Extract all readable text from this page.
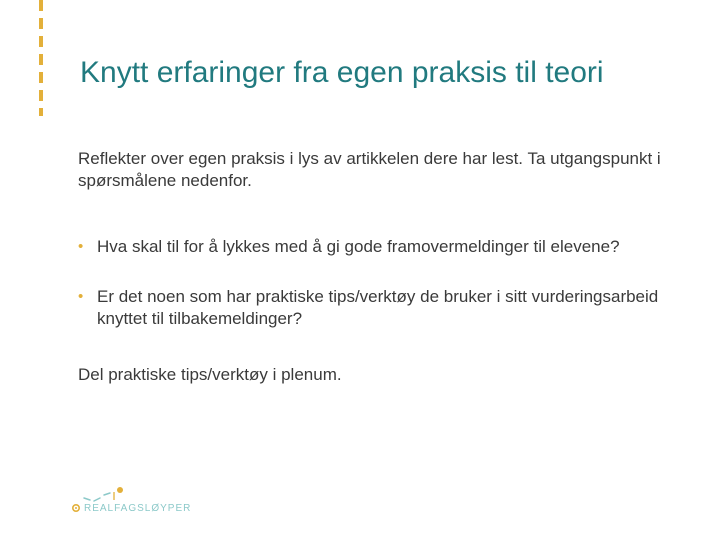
Knytt erfaringer fra egen praksis til teori

Reflekter over egen praksis i lys av artikkelen dere har lest. Ta utgangspunkt i spørsmålene nedenfor.

• Hva skal til for å lykkes med å gi gode framovermeldinger til elevene?
• Er det noen som har praktiske tips/verktøy de bruker i sitt vurderingsarbeid knyttet til tilbakemeldinger?

Del praktiske tips/verktøy i plenum.

REALFAGSLØYPER
